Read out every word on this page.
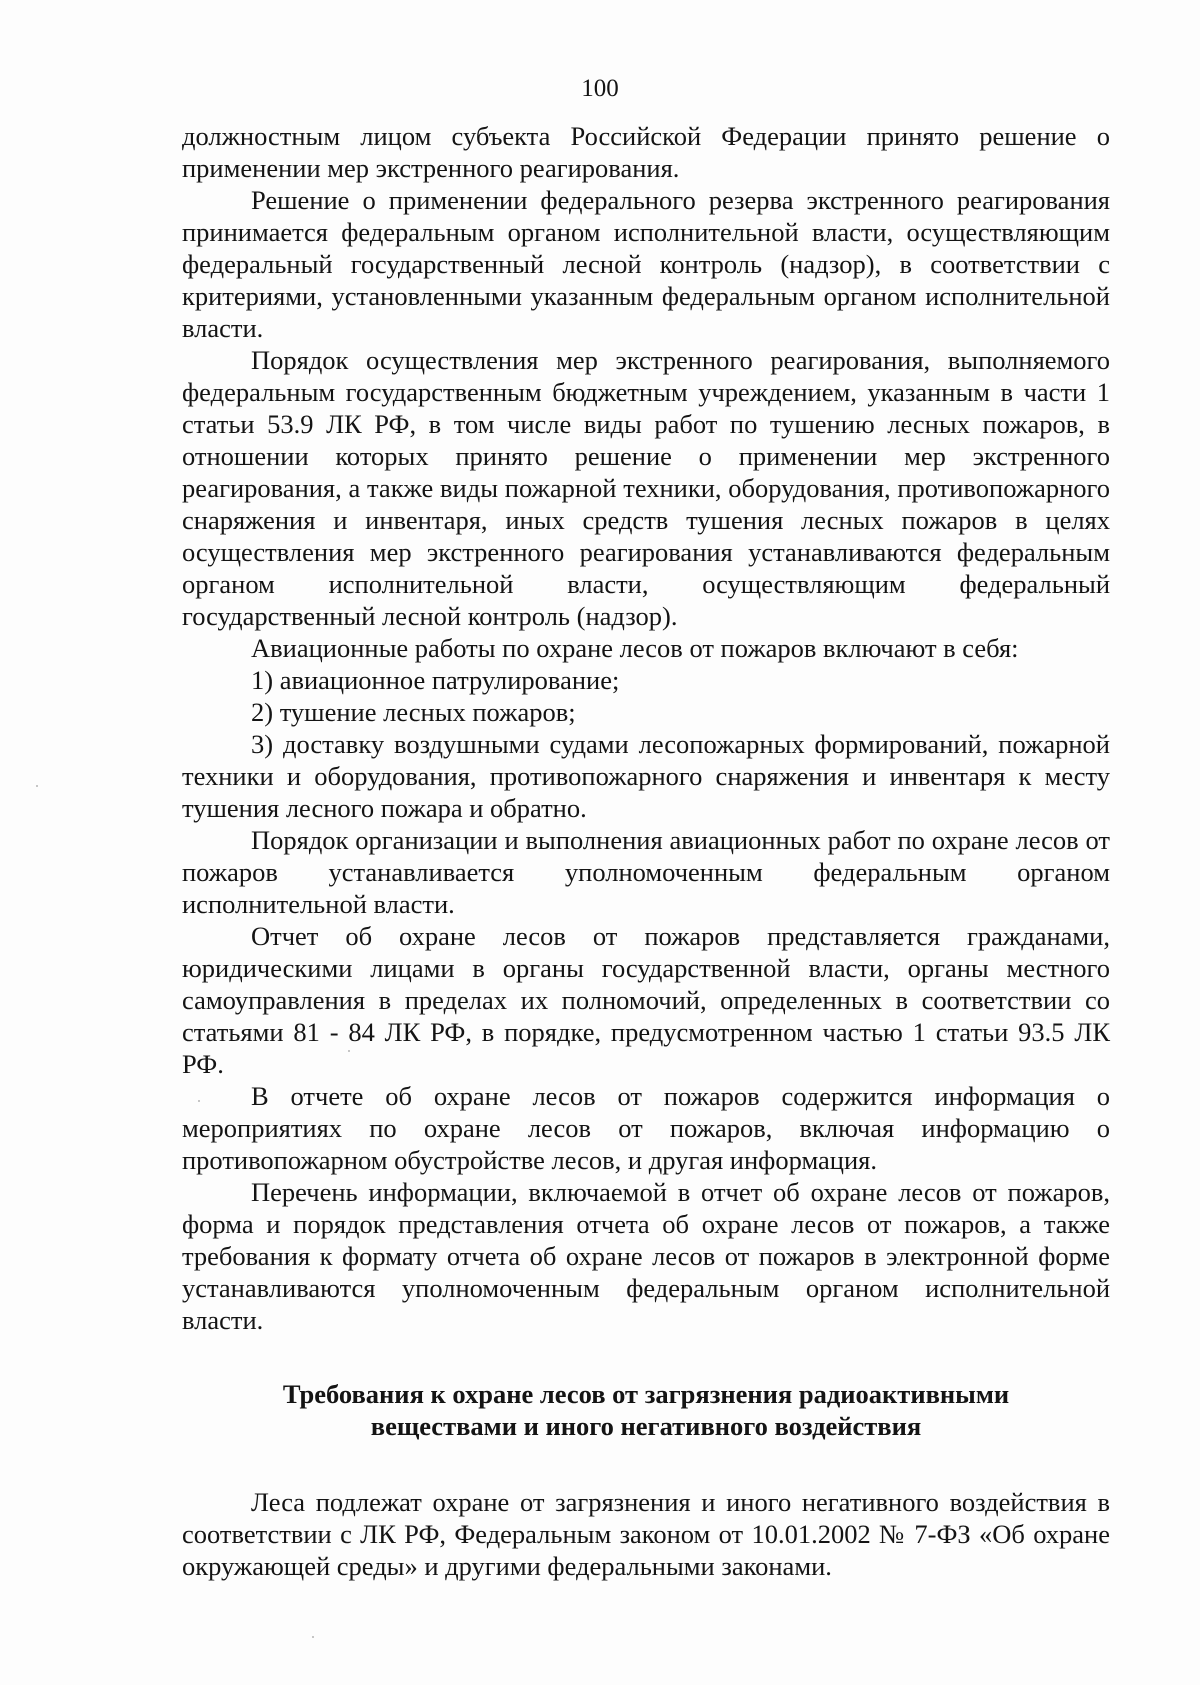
100

должностным лицом субъекта Российской Федерации принято решение о применении мер экстренного реагирования.

Решение о применении федерального резерва экстренного реагирования принимается федеральным органом исполнительной власти, осуществляющим федеральный государственный лесной контроль (надзор), в соответствии с критериями, установленными указанным федеральным органом исполнительной власти.

Порядок осуществления мер экстренного реагирования, выполняемого федеральным государственным бюджетным учреждением, указанным в части 1 статьи 53.9 ЛК РФ, в том числе виды работ по тушению лесных пожаров, в отношении которых принято решение о применении мер экстренного реагирования, а также виды пожарной техники, оборудования, противопожарного снаряжения и инвентаря, иных средств тушения лесных пожаров в целях осуществления мер экстренного реагирования устанавливаются федеральным органом исполнительной власти, осуществляющим федеральный государственный лесной контроль (надзор).

Авиационные работы по охране лесов от пожаров включают в себя:

1) авиационное патрулирование;

2) тушение лесных пожаров;

3) доставку воздушными судами лесопожарных формирований, пожарной техники и оборудования, противопожарного снаряжения и инвентаря к месту тушения лесного пожара и обратно.

Порядок организации и выполнения авиационных работ по охране лесов от пожаров устанавливается уполномоченным федеральным органом исполнительной власти.

Отчет об охране лесов от пожаров представляется гражданами, юридическими лицами в органы государственной власти, органы местного самоуправления в пределах их полномочий, определенных в соответствии со статьями 81 - 84 ЛК РФ, в порядке, предусмотренном частью 1 статьи 93.5 ЛК РФ.

В отчете об охране лесов от пожаров содержится информация о мероприятиях по охране лесов от пожаров, включая информацию о противопожарном обустройстве лесов, и другая информация.

Перечень информации, включаемой в отчет об охране лесов от пожаров, форма и порядок представления отчета об охране лесов от пожаров, а также требования к формату отчета об охране лесов от пожаров в электронной форме устанавливаются уполномоченным федеральным органом исполнительной власти.

Требования к охране лесов от загрязнения радиоактивными веществами и иного негативного воздействия

Леса подлежат охране от загрязнения и иного негативного воздействия в соответствии с ЛК РФ, Федеральным законом от 10.01.2002 № 7-ФЗ «Об охране окружающей среды» и другими федеральными законами.
